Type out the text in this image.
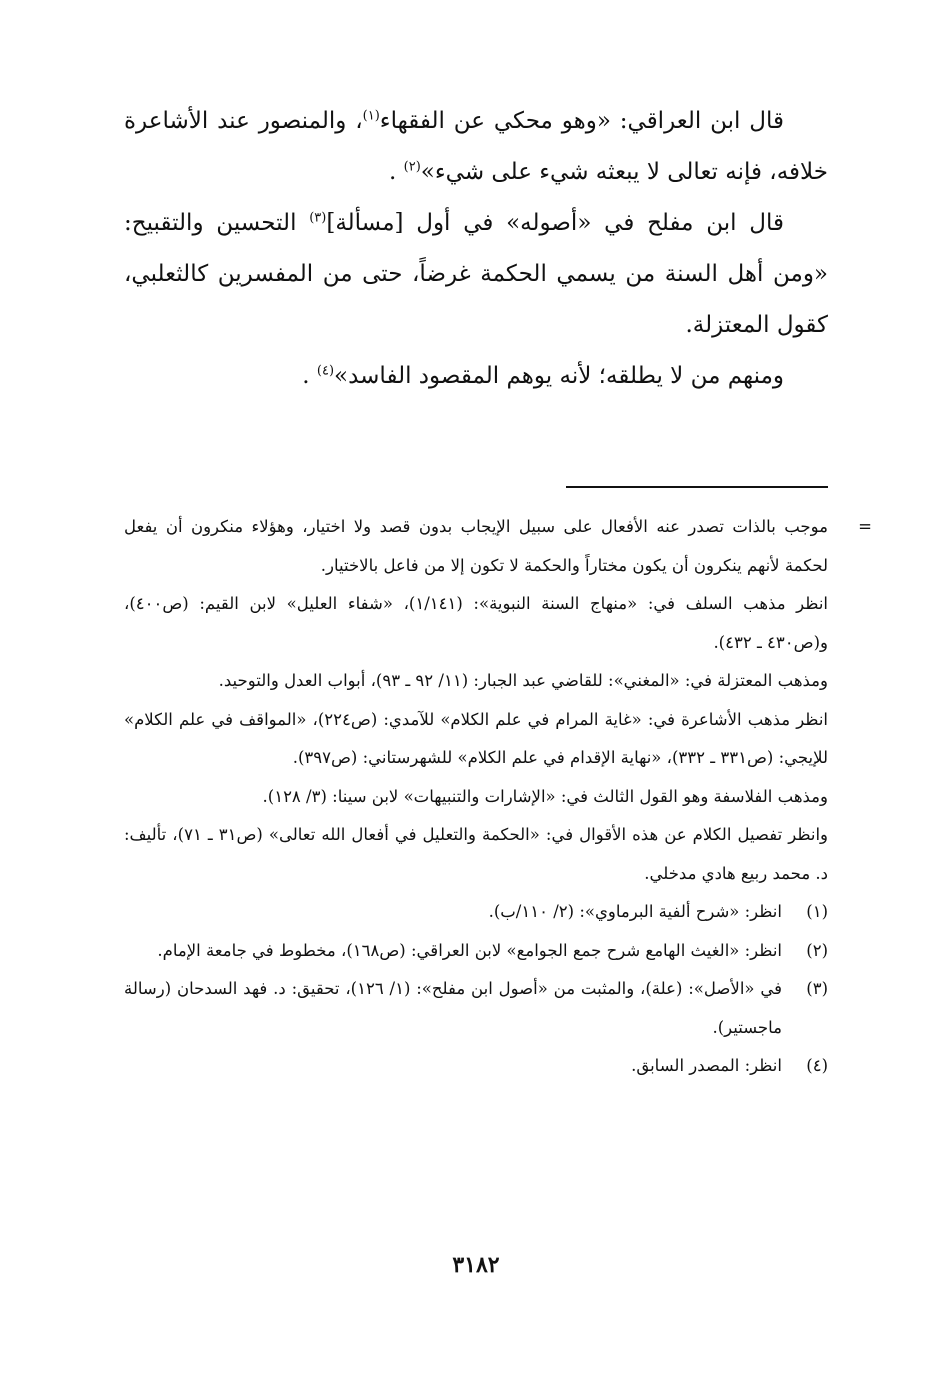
قال ابن العراقي: «وهو محكي عن الفقهاء$^{(١)}$، والمنصور عند الأشاعرة خلافه، فإنه تعالى لا يبعثه شيء على شيء»$^{(٢)}$ .

قال ابن مفلح في «أصوله» في أول [مسألة]$^{(٣)}$ التحسين والتقبيح: «ومن أهل السنة من يسمي الحكمة غرضاً، حتى من المفسرين كالثعلبي، كقول المعتزلة.

ومنهم من لا يطلقه؛ لأنه يوهم المقصود الفاسد»$^{(٤)}$ .

=
موجب بالذات تصدر عنه الأفعال على سبيل الإيجاب بدون قصد ولا اختيار، وهؤلاء منكرون أن يفعل لحكمة لأنهم ينكرون أن يكون مختاراً والحكمة لا تكون إلا من فاعل بالاختيار.

انظر مذهب السلف في: «منهاج السنة النبوية»: (١/١٤١)، «شفاء العليل» لابن القيم: (ص٤٠٠)، و(ص٤٣٠ ـ ٤٣٢).

ومذهب المعتزلة في: «المغني»: للقاضي عبد الجبار: (١١/ ٩٢ ـ ٩٣)، أبواب العدل والتوحيد.

انظر مذهب الأشاعرة في: «غاية المرام في علم الكلام» للآمدي: (ص٢٢٤)، «المواقف في علم الكلام» للإيجي: (ص٣٣١ ـ ٣٣٢)، «نهاية الإقدام في علم الكلام» للشهرستاني: (ص٣٩٧).

ومذهب الفلاسفة وهو القول الثالث في: «الإشارات والتنبيهات» لابن سينا: (٣/ ١٢٨).

وانظر تفصيل الكلام عن هذه الأقوال في: «الحكمة والتعليل في أفعال الله تعالى» (ص٣١ ـ ٧١)، تأليف: د. محمد ربيع هادي مدخلي.

(١)
انظر: «شرح ألفية البرماوي»: (٢/ ١١٠/ب).
(٢)
انظر: «الغيث الهامع شرح جمع الجوامع» لابن العراقي: (ص١٦٨)، مخطوط في جامعة الإمام.
(٣)
في «الأصل»: (علة)، والمثبت من «أصول ابن مفلح»: (١/ ١٢٦)، تحقيق: د. فهد السدحان (رسالة ماجستير).
(٤)
انظر: المصدر السابق.
٣١٨٢
